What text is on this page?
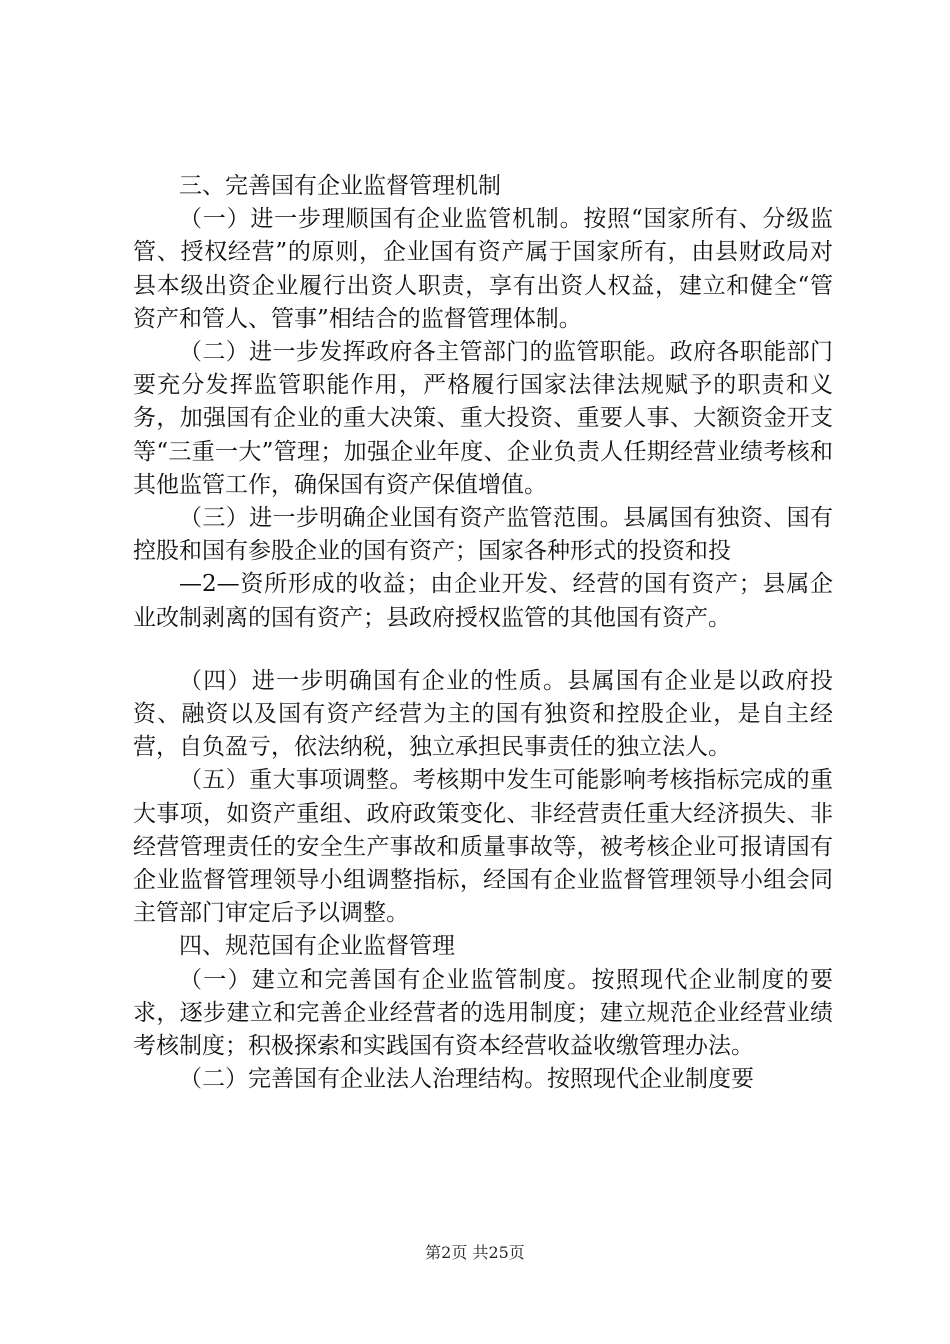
三、完善国有企业监督管理机制

（一）进一步理顺国有企业监管机制。按照“国家所有、分级监管、授权经营”的原则，企业国有资产属于国家所有，由县财政局对县本级出资企业履行出资人职责，享有出资人权益，建立和健全“管资产和管人、管事”相结合的监督管理体制。

（二）进一步发挥政府各主管部门的监管职能。政府各职能部门要充分发挥监管职能作用，严格履行国家法律法规赋予的职责和义务，加强国有企业的重大决策、重大投资、重要人事、大额资金开支等“三重一大”管理；加强企业年度、企业负责人任期经营业绩考核和其他监管工作，确保国有资产保值增值。

（三）进一步明确企业国有资产监管范围。县属国有独资、国有控股和国有参股企业的国有资产；国家各种形式的投资和投

—2—资所形成的收益；由企业开发、经营的国有资产；县属企业改制剥离的国有资产；县政府授权监管的其他国有资产。

（四）进一步明确国有企业的性质。县属国有企业是以政府投资、融资以及国有资产经营为主的国有独资和控股企业，是自主经营，自负盈亏，依法纳税，独立承担民事责任的独立法人。

（五）重大事项调整。考核期中发生可能影响考核指标完成的重大事项，如资产重组、政府政策变化、非经营责任重大经济损失、非经营管理责任的安全生产事故和质量事故等，被考核企业可报请国有企业监督管理领导小组调整指标，经国有企业监督管理领导小组会同主管部门审定后予以调整。

四、规范国有企业监督管理

（一）建立和完善国有企业监管制度。按照现代企业制度的要求，逐步建立和完善企业经营者的选用制度；建立规范企业经营业绩考核制度；积极探索和实践国有资本经营收益收缴管理办法。

（二）完善国有企业法人治理结构。按照现代企业制度要

第2页 共25页
